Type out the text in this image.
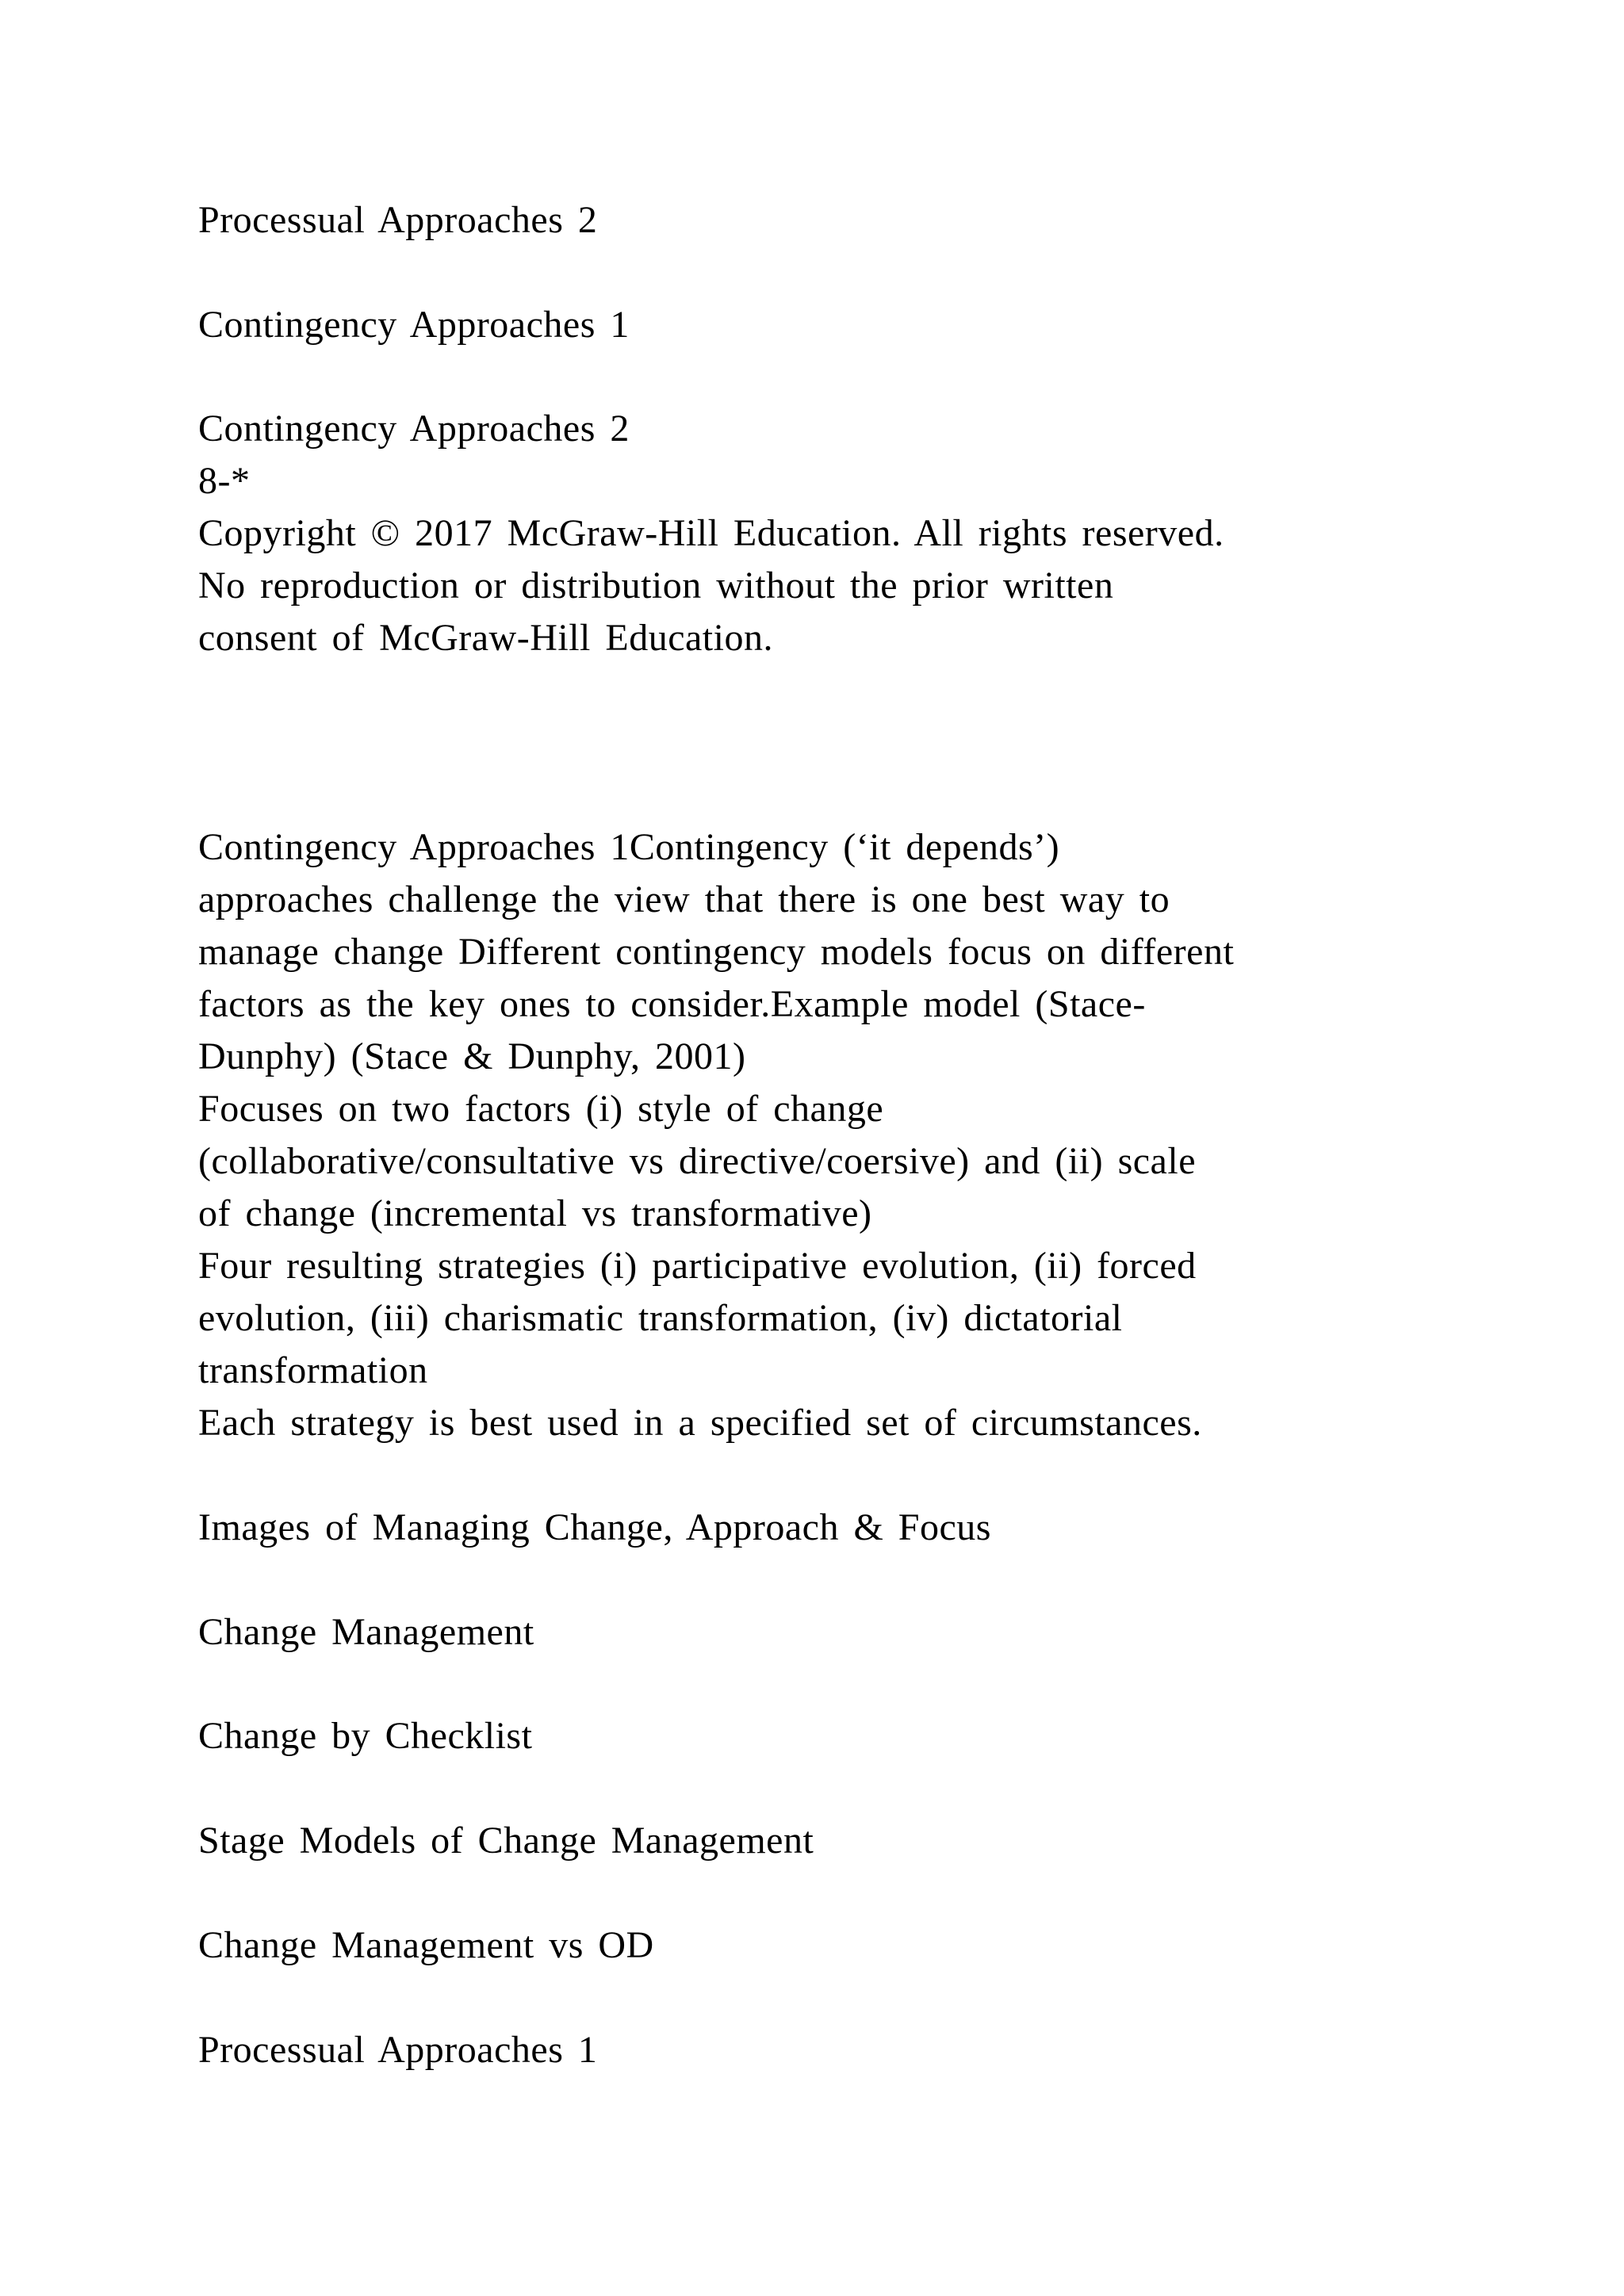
Processual Approaches 2

Contingency Approaches 1

Contingency Approaches 2

8-*

Copyright © 2017 McGraw-Hill Education. All rights reserved.

No reproduction or distribution without the prior written

consent of McGraw-Hill Education.

Contingency Approaches 1Contingency (‘it depends’)

approaches challenge the view that there is one best way to

manage change Different contingency models focus on different

factors as the key ones to consider.Example model (Stace-

Dunphy) (Stace & Dunphy, 2001)

Focuses on two factors (i) style of change

(collaborative/consultative vs directive/coersive) and (ii) scale

of change (incremental vs transformative)

Four resulting strategies (i) participative evolution, (ii) forced

evolution, (iii) charismatic transformation, (iv) dictatorial

transformation

Each strategy is best used in a specified set of circumstances.

Images of Managing Change, Approach & Focus

Change Management

Change by Checklist

Stage Models of Change Management

Change Management vs OD

Processual Approaches 1
